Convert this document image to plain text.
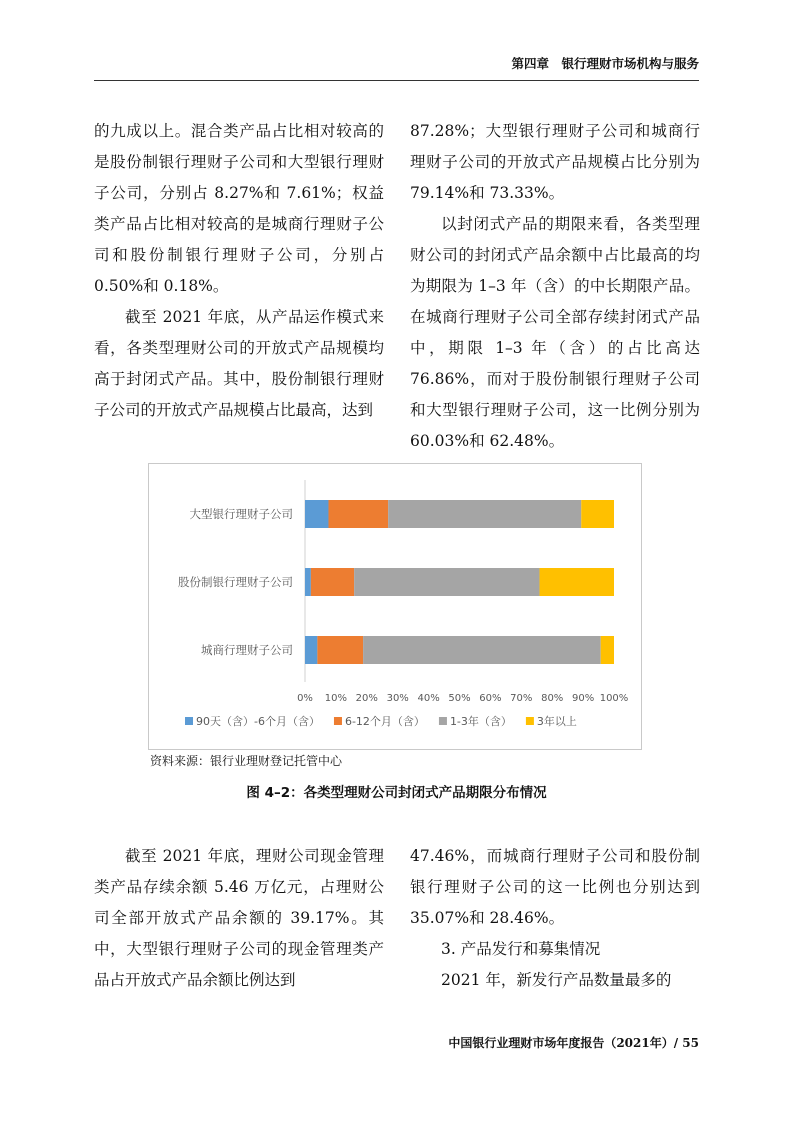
第四章　银行理财市场机构与服务

的九成以上。混合类产品占比相对较高的是股份制银行理财子公司和大型银行理财子公司，分别占 8.27%和 7.61%；权益类产品占比相对较高的是城商行理财子公司和股份制银行理财子公司，分别占 0.50%和 0.18%。

截至 2021 年底，从产品运作模式来看，各类型理财公司的开放式产品规模均高于封闭式产品。其中，股份制银行理财子公司的开放式产品规模占比最高，达到

87.28%；大型银行理财子公司和城商行理财子公司的开放式产品规模占比分别为 79.14%和 73.33%。

以封闭式产品的期限来看，各类型理财公司的封闭式产品余额中占比最高的均为期限为 1–3 年（含）的中长期限产品。在城商行理财子公司全部存续封闭式产品中，期限 1–3 年（含）的占比高达 76.86%，而对于股份制银行理财子公司和大型银行理财子公司，这一比例分别为 60.03%和 62.48%。

大型银行理财子公司
股份制银行理财子公司
城商行理财子公司
0% 10% 20% 30% 40% 50% 60% 70% 80% 90% 100%
90天（含）-6个月（含） 6-12个月（含） 1-3年（含） 3年以上
资料来源：银行业理财登记托管中心
图 4–2：各类型理财公司封闭式产品期限分布情况

截至 2021 年底，理财公司现金管理类产品存续余额 5.46 万亿元，占理财公司全部开放式产品余额的 39.17%。其中，大型银行理财子公司的现金管理类产品占开放式产品余额比例达到

47.46%，而城商行理财子公司和股份制银行理财子公司的这一比例也分别达到 35.07%和 28.46%。

3. 产品发行和募集情况

2021 年，新发行产品数量最多的

中国银行业理财市场年度报告（2021年）/ 55
